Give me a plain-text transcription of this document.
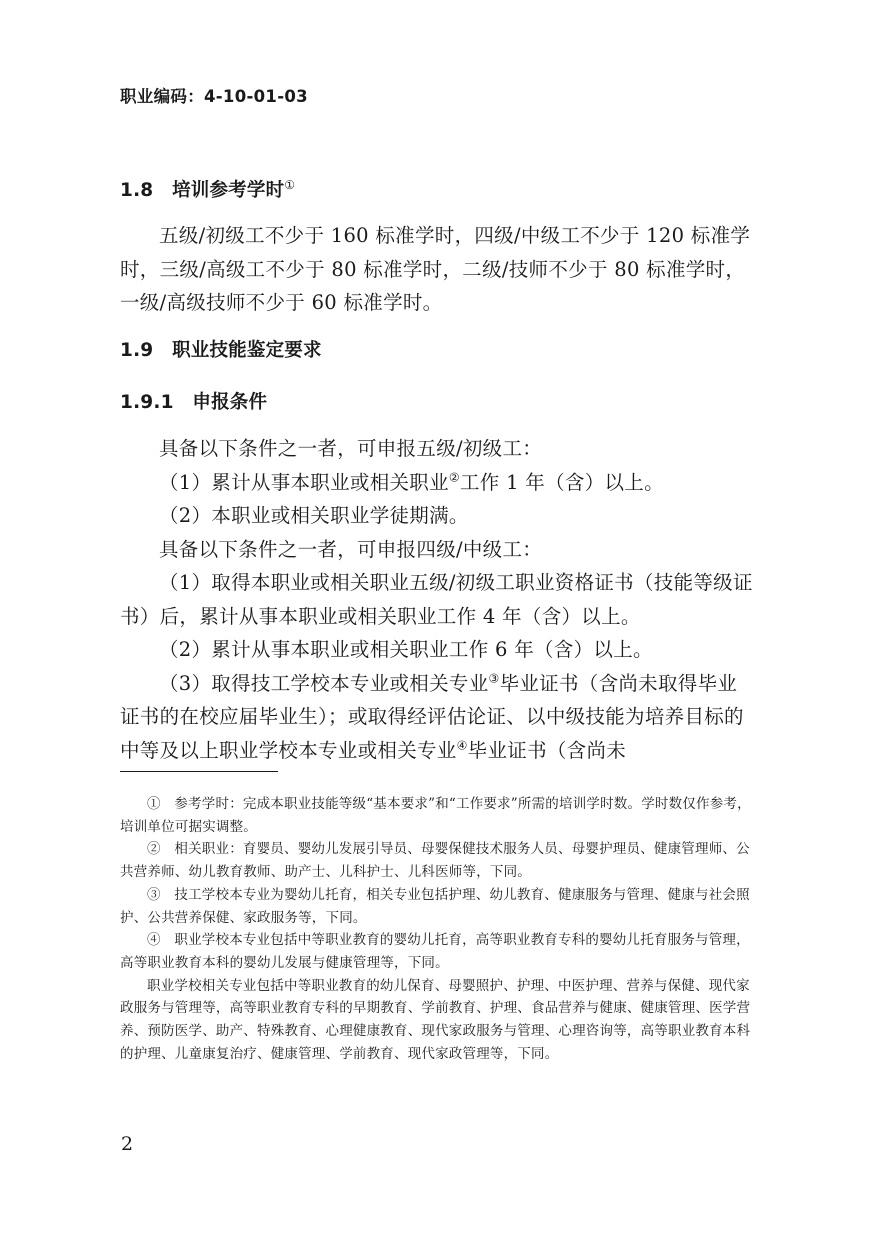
职业编码：4-10-01-03
1.8　培训参考学时①

五级/初级工不少于 160 标准学时，四级/中级工不少于 120 标准学时，三级/高级工不少于 80 标准学时，二级/技师不少于 80 标准学时，一级/高级技师不少于 60 标准学时。

1.9　职业技能鉴定要求
1.9.1　申报条件

具备以下条件之一者，可申报五级/初级工：

（1）累计从事本职业或相关职业②工作 1 年（含）以上。

（2）本职业或相关职业学徒期满。

具备以下条件之一者，可申报四级/中级工：

（1）取得本职业或相关职业五级/初级工职业资格证书（技能等级证书）后，累计从事本职业或相关职业工作 4 年（含）以上。

（2）累计从事本职业或相关职业工作 6 年（含）以上。

（3）取得技工学校本专业或相关专业③毕业证书（含尚未取得毕业证书的在校应届毕业生）；或取得经评估论证、以中级技能为培养目标的中等及以上职业学校本专业或相关专业④毕业证书（含尚未

①　参考学时：完成本职业技能等级“基本要求”和“工作要求”所需的培训学时数。学时数仅作参考，培训单位可据实调整。

②　相关职业：育婴员、婴幼儿发展引导员、母婴保健技术服务人员、母婴护理员、健康管理师、公共营养师、幼儿教育教师、助产士、儿科护士、儿科医师等，下同。

③　技工学校本专业为婴幼儿托育，相关专业包括护理、幼儿教育、健康服务与管理、健康与社会照护、公共营养保健、家政服务等，下同。

④　职业学校本专业包括中等职业教育的婴幼儿托育，高等职业教育专科的婴幼儿托育服务与管理，高等职业教育本科的婴幼儿发展与健康管理等，下同。

职业学校相关专业包括中等职业教育的幼儿保育、母婴照护、护理、中医护理、营养与保健、现代家政服务与管理等，高等职业教育专科的早期教育、学前教育、护理、食品营养与健康、健康管理、医学营养、预防医学、助产、特殊教育、心理健康教育、现代家政服务与管理、心理咨询等，高等职业教育本科的护理、儿童康复治疗、健康管理、学前教育、现代家政管理等，下同。

2
